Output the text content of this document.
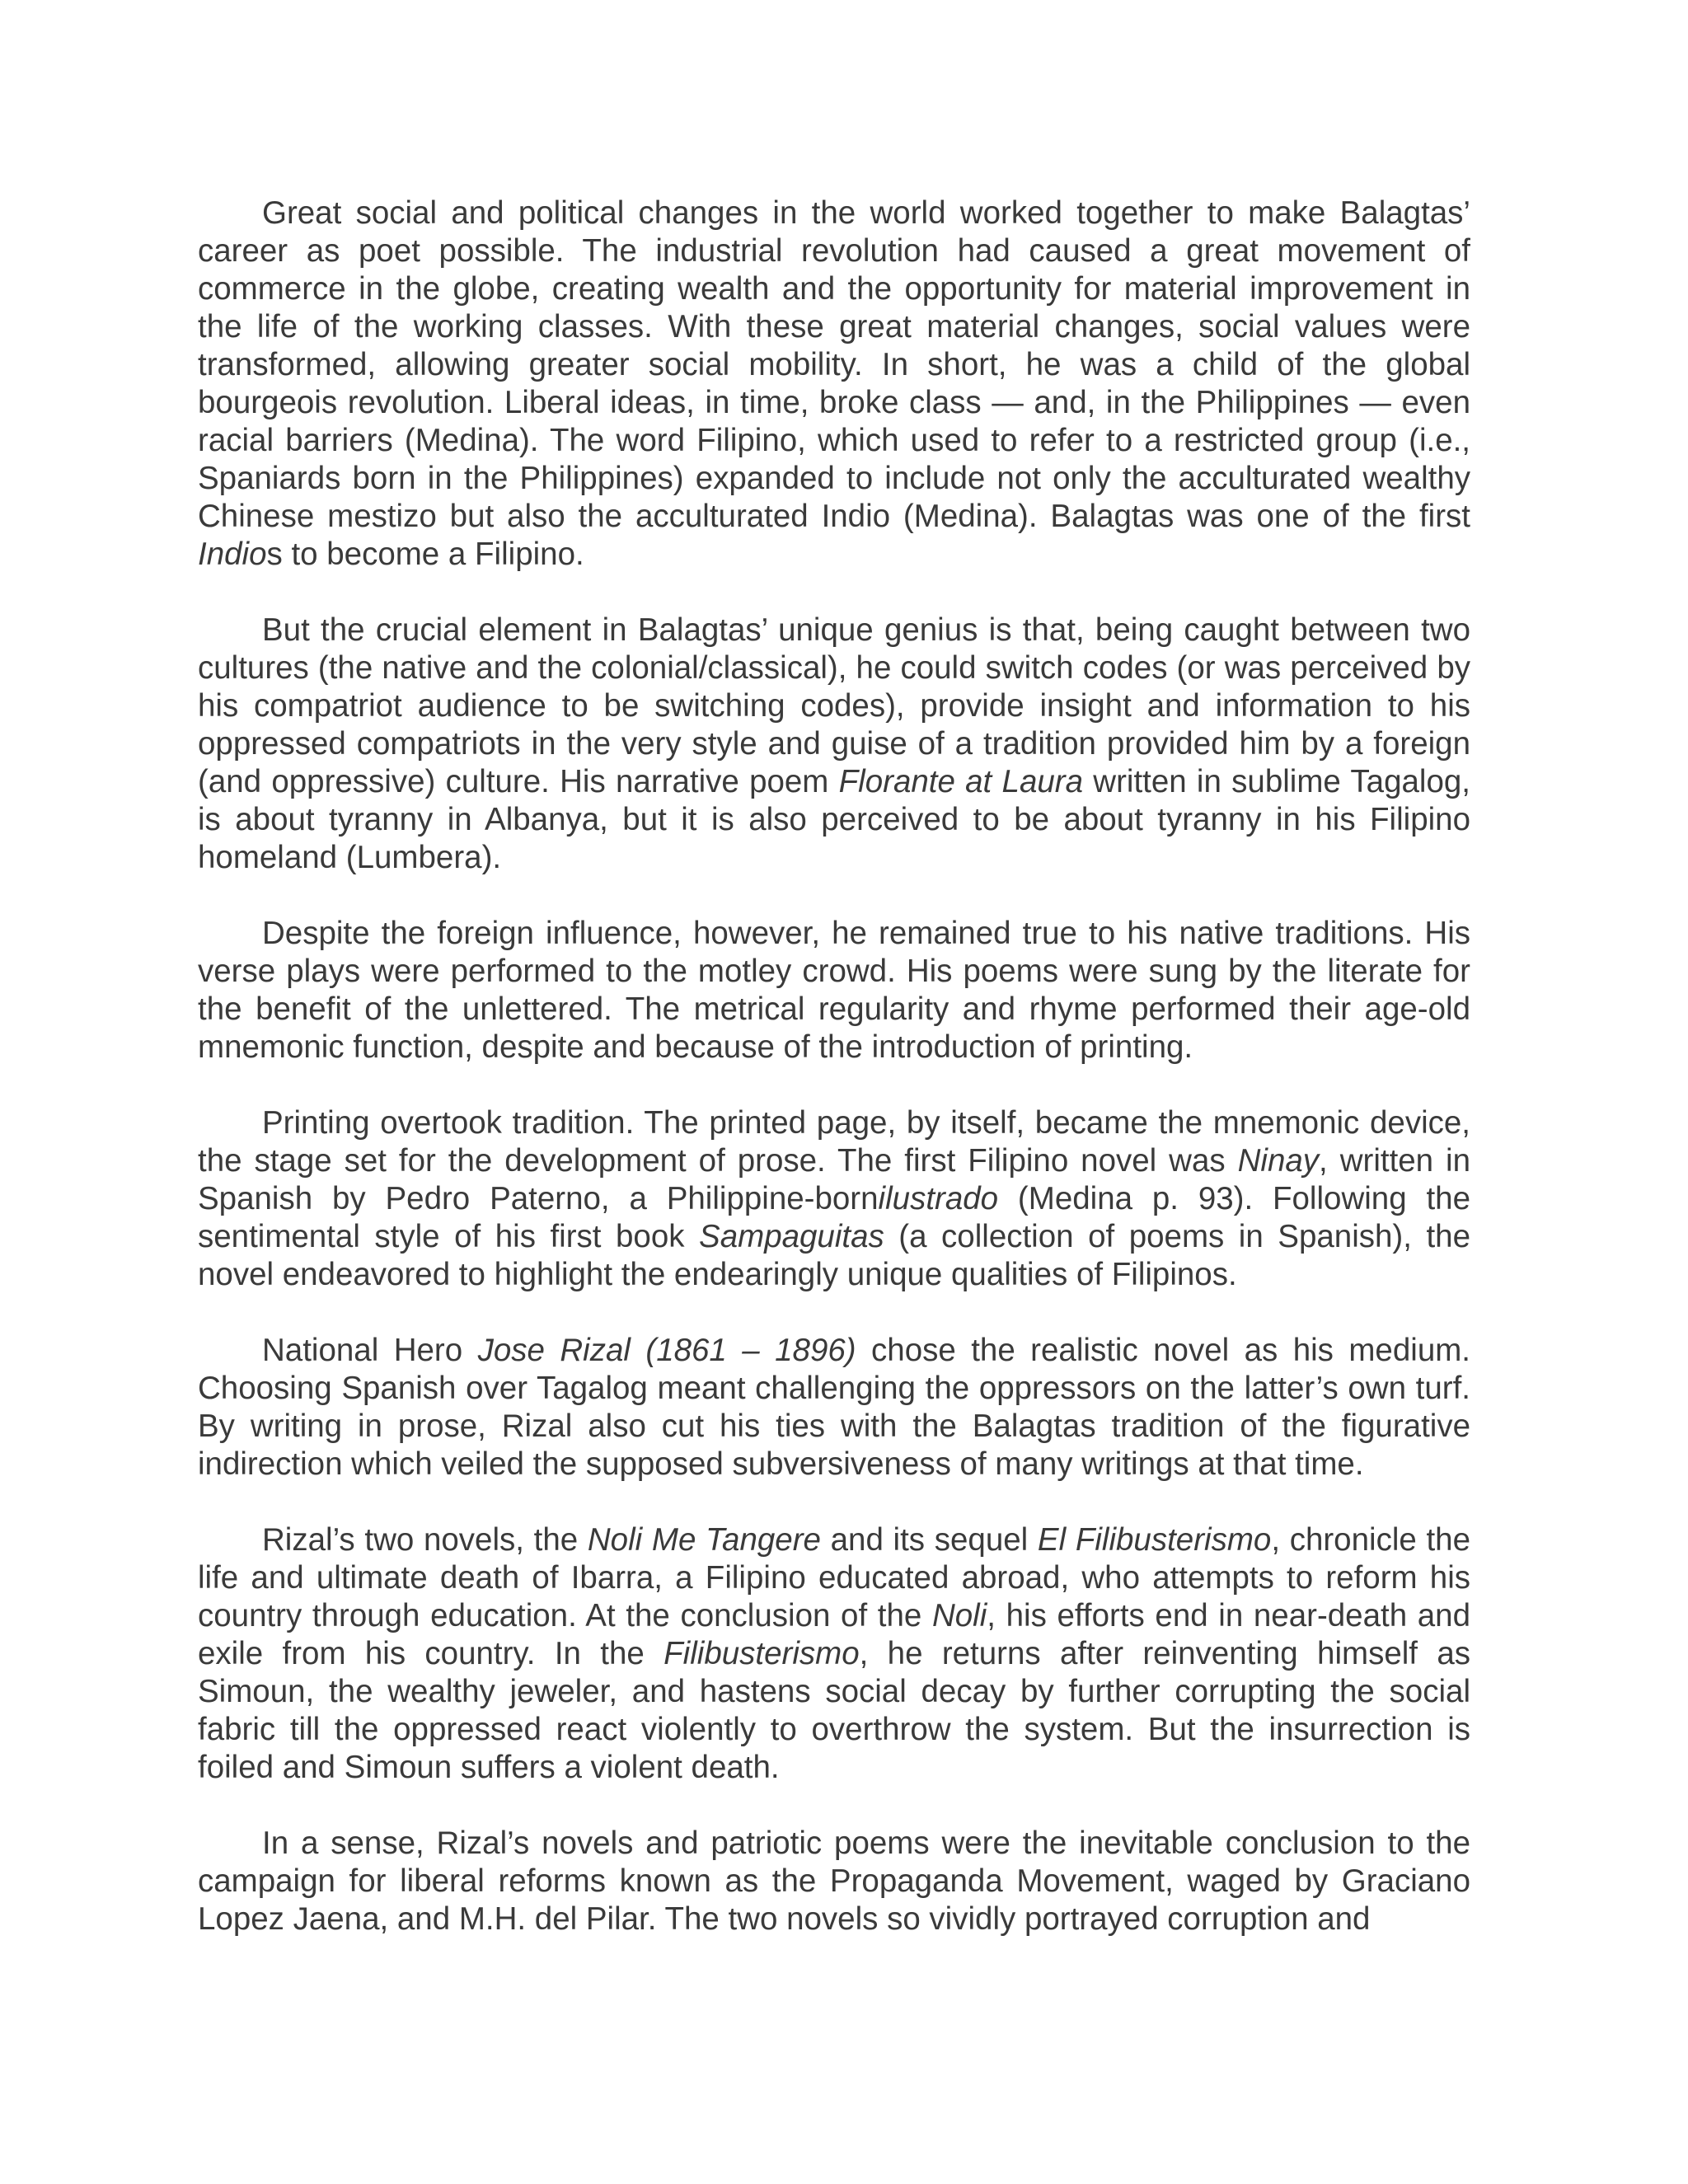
Great social and political changes in the world worked together to make Balagtas’ career as poet possible. The industrial revolution had caused a great movement of commerce in the globe, creating wealth and the opportunity for material improvement in the life of the working classes. With these great material changes, social values were transformed, allowing greater social mobility. In short, he was a child of the global bourgeois revolution. Liberal ideas, in time, broke class — and, in the Philippines — even racial barriers (Medina). The word Filipino, which used to refer to a restricted group (i.e., Spaniards born in the Philippines) expanded to include not only the acculturated wealthy Chinese mestizo but also the acculturated Indio (Medina). Balagtas was one of the first Indios to become a Filipino.

But the crucial element in Balagtas’ unique genius is that, being caught between two cultures (the native and the colonial/classical), he could switch codes (or was perceived by his compatriot audience to be switching codes), provide insight and information to his oppressed compatriots in the very style and guise of a tradition provided him by a foreign (and oppressive) culture. His narrative poem Florante at Laura written in sublime Tagalog, is about tyranny in Albanya, but it is also perceived to be about tyranny in his Filipino homeland (Lumbera).

Despite the foreign influence, however, he remained true to his native traditions. His verse plays were performed to the motley crowd. His poems were sung by the literate for the benefit of the unlettered. The metrical regularity and rhyme performed their age-old mnemonic function, despite and because of the introduction of printing.

Printing overtook tradition. The printed page, by itself, became the mnemonic device, the stage set for the development of prose. The first Filipino novel was Ninay, written in Spanish by Pedro Paterno, a Philippine-bornilustrado (Medina p. 93). Following the sentimental style of his first book Sampaguitas (a collection of poems in Spanish), the novel endeavored to highlight the endearingly unique qualities of Filipinos.

National Hero Jose Rizal (1861 – 1896) chose the realistic novel as his medium. Choosing Spanish over Tagalog meant challenging the oppressors on the latter’s own turf. By writing in prose, Rizal also cut his ties with the Balagtas tradition of the figurative indirection which veiled the supposed subversiveness of many writings at that time.

Rizal’s two novels, the Noli Me Tangere and its sequel El Filibusterismo, chronicle the life and ultimate death of Ibarra, a Filipino educated abroad, who attempts to reform his country through education. At the conclusion of the Noli, his efforts end in near-death and exile from his country. In the Filibusterismo, he returns after reinventing himself as Simoun, the wealthy jeweler, and hastens social decay by further corrupting the social fabric till the oppressed react violently to overthrow the system. But the insurrection is foiled and Simoun suffers a violent death.

In a sense, Rizal’s novels and patriotic poems were the inevitable conclusion to the campaign for liberal reforms known as the Propaganda Movement, waged by Graciano Lopez Jaena, and M.H. del Pilar. The two novels so vividly portrayed corruption and
